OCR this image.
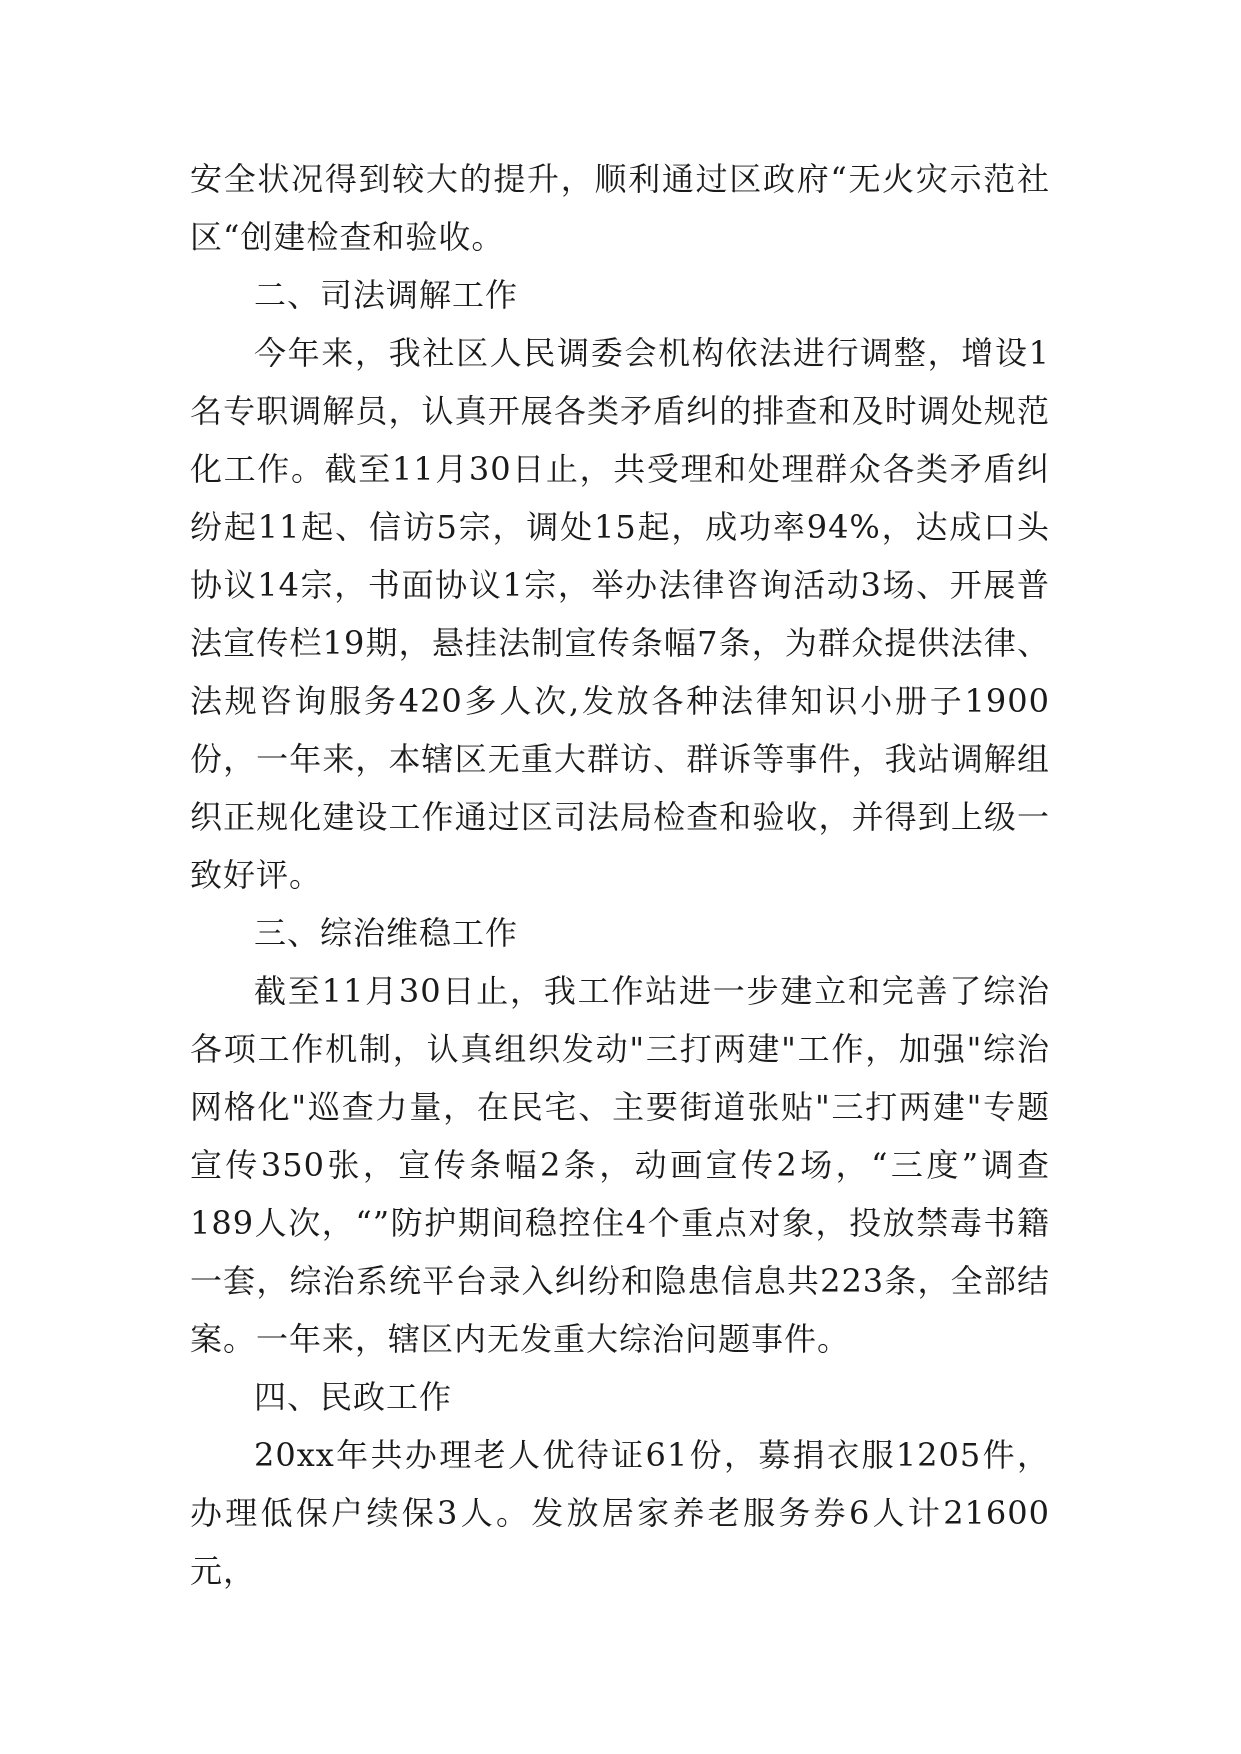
安全状况得到较大的提升，顺利通过区政府“无火灾示范社区“创建检查和验收。

二、司法调解工作

今年来，我社区人民调委会机构依法进行调整，增设1名专职调解员，认真开展各类矛盾纠的排查和及时调处规范化工作。截至11月30日止，共受理和处理群众各类矛盾纠纷起11起、信访5宗，调处15起，成功率94%，达成口头协议14宗，书面协议1宗，举办法律咨询活动3场、开展普法宣传栏19期，悬挂法制宣传条幅7条，为群众提供法律、法规咨询服务420多人次,发放各种法律知识小册子1900份，一年来，本辖区无重大群访、群诉等事件，我站调解组织正规化建设工作通过区司法局检查和验收，并得到上级一致好评。

三、综治维稳工作

截至11月30日止，我工作站进一步建立和完善了综治各项工作机制，认真组织发动"三打两建"工作，加强"综治网格化"巡查力量，在民宅、主要街道张贴"三打两建"专题宣传350张，宣传条幅2条，动画宣传2场，“三度”调查189人次，“”防护期间稳控住4个重点对象，投放禁毒书籍一套，综治系统平台录入纠纷和隐患信息共223条，全部结案。一年来，辖区内无发重大综治问题事件。

四、民政工作

20xx年共办理老人优待证61份，募捐衣服1205件，办理低保户续保3人。发放居家养老服务券6人计21600元，
